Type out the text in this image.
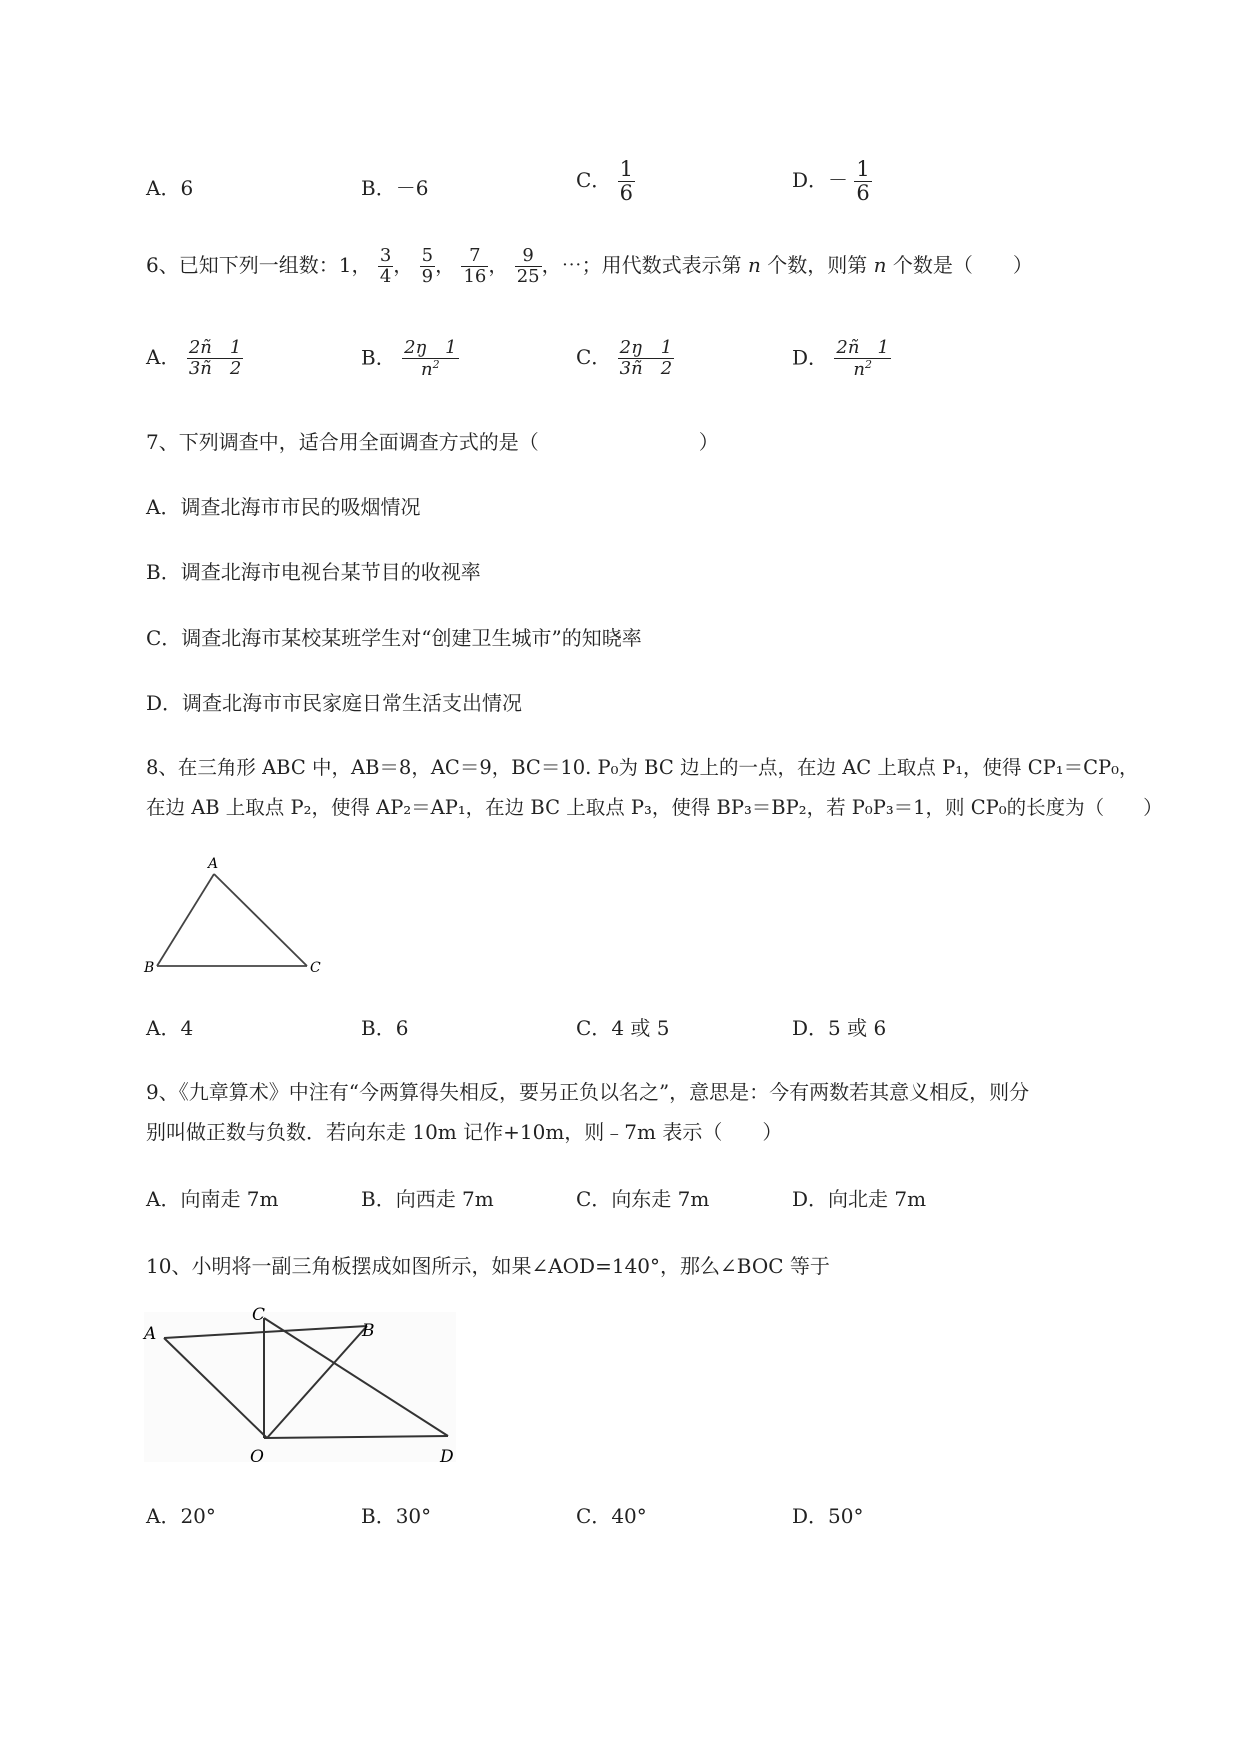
A．6	B．－6	C． $\frac{1}{6}$	D．－ $\frac{1}{6}$
6、已知下列一组数：1， $\frac{3}{4}$ ， $\frac{5}{9}$ ， $\frac{7}{16}$ ， $\frac{9}{25}$ ，⋯；用代数式表示第 n 个数，则第 n 个数是（　　）
A． $\frac{2ñ 1}{3ñ 2}$	B． $\frac{2ŋ 1}{n^2}$	C． $\frac{2ŋ 1}{3ñ 2}$	D． $\frac{2ñ 1}{n^2}$
7、下列调查中，适合用全面调查方式的是（　　　　　　　　）
A．调查北海市市民的吸烟情况
B．调查北海市电视台某节目的收视率
C．调查北海市某校某班学生对“创建卫生城市”的知晓率
D．调查北海市市民家庭日常生活支出情况
8、在三角形 ABC 中，AB＝8，AC＝9，BC＝10. P₀为 BC 边上的一点，在边 AC 上取点 P₁，使得 CP₁＝CP₀，
在边 AB 上取点 P₂，使得 AP₂＝AP₁，在边 BC 上取点 P₃，使得 BP₃＝BP₂，若 P₀P₃＝1，则 CP₀的长度为（　　）
A
B	C
A．4	B．6	C．4 或 5	D．5 或 6
9、《九章算术》中注有“今两算得失相反，要另正负以名之”，意思是：今有两数若其意义相反，则分
别叫做正数与负数．若向东走 10m 记作+10m，则﹣7m 表示（　　）
A．向南走 7m	B．向西走 7m	C．向东走 7m	D．向北走 7m
10、小明将一副三角板摆成如图所示，如果∠AOD=140°，那么∠BOC 等于
A
C
B
O	D
A．20°	B．30°	C．40°	D．50°
